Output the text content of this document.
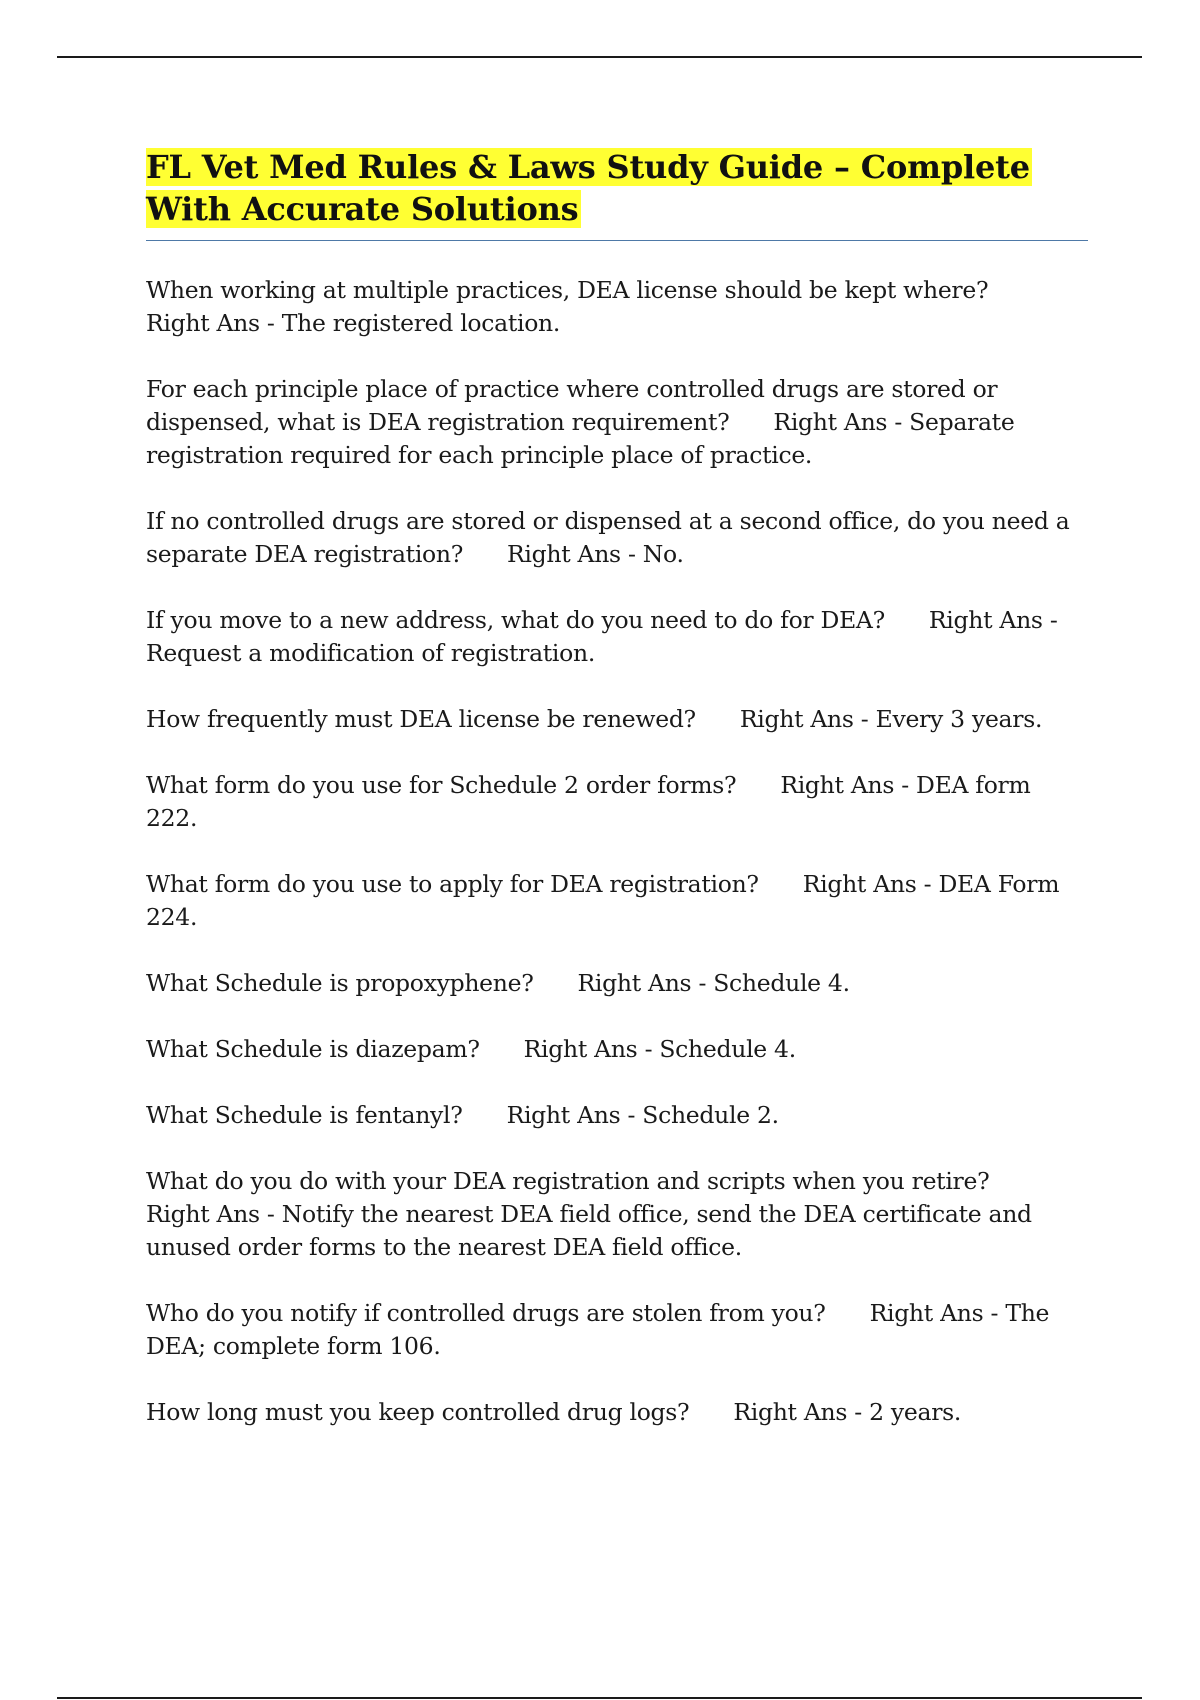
FL Vet Med Rules & Laws Study Guide – Complete With Accurate Solutions

When working at multiple practices, DEA license should be kept where?Right Ans - The registered location.

For each principle place of practice where controlled drugs are stored or dispensed, what is DEA registration requirement? Right Ans - Separate registration required for each principle place of practice.

If no controlled drugs are stored or dispensed at a second office, do you need a separate DEA registration? Right Ans - No.

If you move to a new address, what do you need to do for DEA? Right Ans - Request a modification of registration.

How frequently must DEA license be renewed? Right Ans - Every 3 years.

What form do you use for Schedule 2 order forms? Right Ans - DEA form 222.

What form do you use to apply for DEA registration? Right Ans - DEA Form 224.

What Schedule is propoxyphene? Right Ans - Schedule 4.

What Schedule is diazepam? Right Ans - Schedule 4.

What Schedule is fentanyl? Right Ans - Schedule 2.

What do you do with your DEA registration and scripts when you retire?Right Ans - Notify the nearest DEA field office, send the DEA certificate and unused order forms to the nearest DEA field office.

Who do you notify if controlled drugs are stolen from you? Right Ans - The DEA; complete form 106.

How long must you keep controlled drug logs? Right Ans - 2 years.
